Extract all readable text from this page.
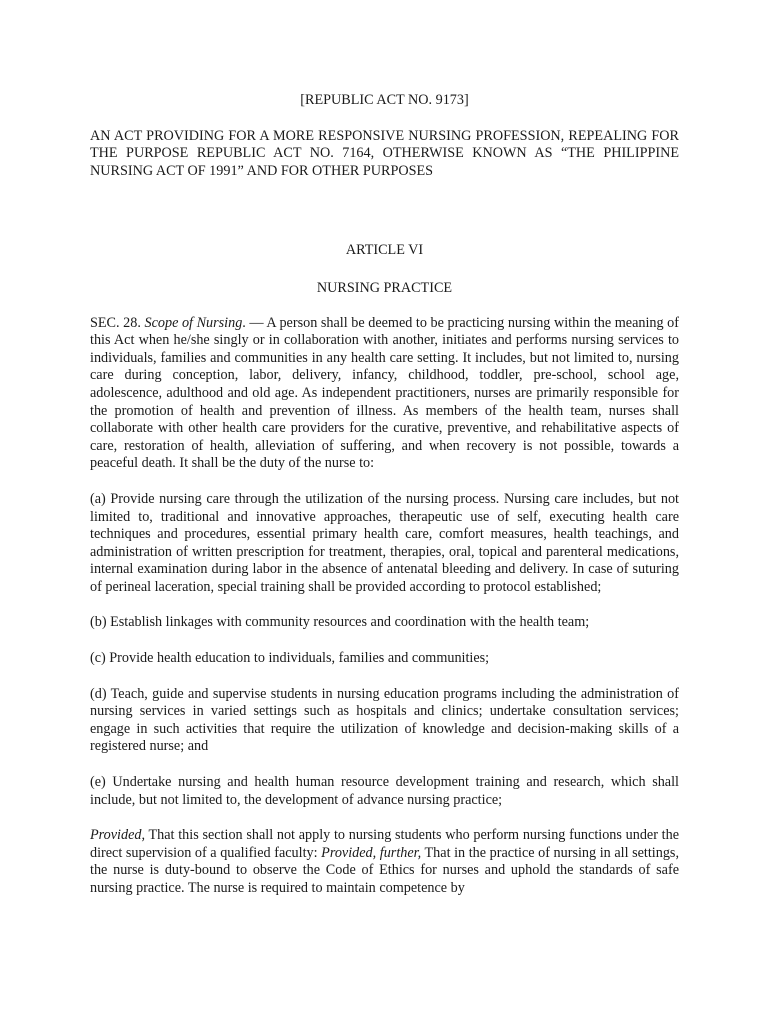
[REPUBLIC ACT NO. 9173]

AN ACT PROVIDING FOR A MORE RESPONSIVE NURSING PROFESSION, REPEALING FOR THE PURPOSE REPUBLIC ACT NO. 7164, OTHERWISE KNOWN AS “THE PHILIPPINE NURSING ACT OF 1991” AND FOR OTHER PURPOSES

ARTICLE VI

NURSING PRACTICE

SEC. 28. Scope of Nursing. — A person shall be deemed to be practicing nursing within the meaning of this Act when he/she singly or in collaboration with another, initiates and performs nursing services to individuals, families and communities in any health care setting. It includes, but not limited to, nursing care during conception, labor, delivery, infancy, childhood, toddler, pre-school, school age, adolescence, adulthood and old age. As independent practitioners, nurses are primarily responsible for the promotion of health and prevention of illness. As members of the health team, nurses shall collaborate with other health care providers for the curative, preventive, and rehabilitative aspects of care, restoration of health, alleviation of suffering, and when recovery is not possible, towards a peaceful death. It shall be the duty of the nurse to:

(a) Provide nursing care through the utilization of the nursing process. Nursing care includes, but not limited to, traditional and innovative approaches, therapeutic use of self, executing health care techniques and procedures, essential primary health care, comfort measures, health teachings, and administration of written prescription for treatment, therapies, oral, topical and parenteral medications, internal examination during labor in the absence of antenatal bleeding and delivery. In case of suturing of perineal laceration, special training shall be provided according to protocol established;

(b) Establish linkages with community resources and coordination with the health team;

(c) Provide health education to individuals, families and communities;

(d) Teach, guide and supervise students in nursing education programs including the administration of nursing services in varied settings such as hospitals and clinics; undertake consultation services; engage in such activities that require the utilization of knowledge and decision-making skills of a registered nurse; and

(e) Undertake nursing and health human resource development training and research, which shall include, but not limited to, the development of advance nursing practice;

Provided, That this section shall not apply to nursing students who perform nursing functions under the direct supervision of a qualified faculty: Provided, further, That in the practice of nursing in all settings, the nurse is duty-bound to observe the Code of Ethics for nurses and uphold the standards of safe nursing practice. The nurse is required to maintain competence by
